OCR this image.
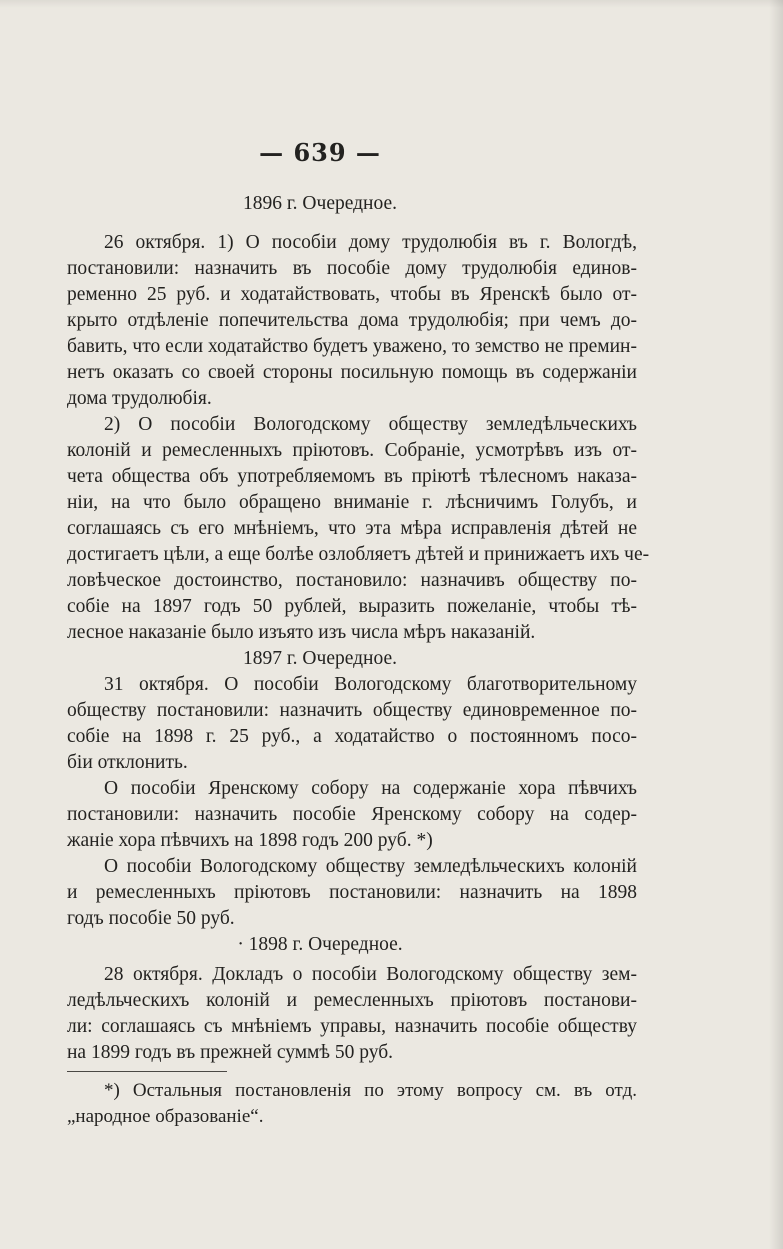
— 639 —
1896 г. Очередное.
26 октября. 1) О пособіи дому трудолюбія въ г. Вологдѣ,
постановили: назначить въ пособіе дому трудолюбія единов-
ременно 25 руб. и ходатайствовать, чтобы въ Яренскѣ было от-
крыто отдѣленіе попечительства дома трудолюбія; при чемъ до-
бавить, что если ходатайство будетъ уважено, то земство не премин-
нетъ оказать со своей стороны посильную помощь въ содержаніи
дома трудолюбія.
2) О пособіи Вологодскому обществу земледѣльческихъ
колоній и ремесленныхъ пріютовъ. Собраніе, усмотрѣвъ изъ от-
чета общества объ употребляемомъ въ пріютѣ тѣлесномъ наказа-
ніи, на что было обращено вниманіе г. лѣсничимъ Голубъ, и
соглашаясь съ его мнѣніемъ, что эта мѣра исправленія дѣтей не
достигаетъ цѣли, а еще болѣе озлобляетъ дѣтей и принижаетъ ихъ че-
ловѣческое достоинство, постановило: назначивъ обществу по-
собіе на 1897 годъ 50 рублей, выразить пожеланіе, чтобы тѣ-
лесное наказаніе было изъято изъ числа мѣръ наказаній.
1897 г. Очередное.
31 октября. О пособіи Вологодскому благотворительному
обществу постановили: назначить обществу единовременное по-
собіе на 1898 г. 25 руб., а ходатайство о постоянномъ посо-
біи отклонить.
О пособіи Яренскому собору на содержаніе хора пѣвчихъ
постановили: назначить пособіе Яренскому собору на содер-
жаніе хора пѣвчихъ на 1898 годъ 200 руб. *)
О пособіи Вологодскому обществу земледѣльческихъ колоній
и ремесленныхъ пріютовъ постановили: назначить на 1898
годъ пособіе 50 руб.
· 1898 г. Очередное.
28 октября. Докладъ о пособіи Вологодскому обществу зем-
ледѣльческихъ колоній и ремесленныхъ пріютовъ постанови-
ли: соглашаясь съ мнѣніемъ управы, назначить пособіе обществу
на 1899 годъ въ прежней суммѣ 50 руб.
*) Остальныя постановленія по этому вопросу см. въ отд.
„народное образованіе“.
